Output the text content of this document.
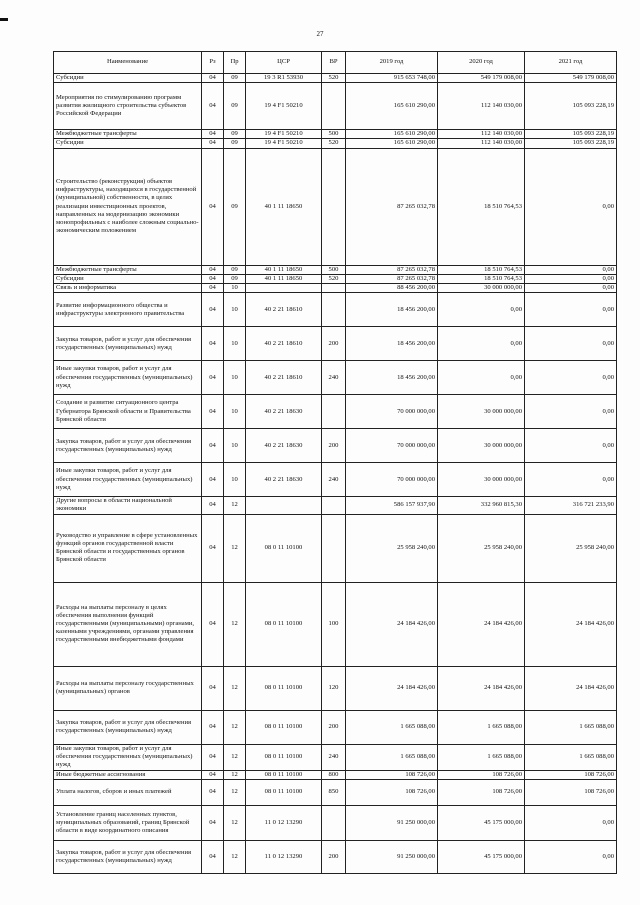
27
Наименование	Рз	Пр	ЦСР	ВР	2019 год	2020 год	2021 год
Субсидии	04	09	19 3 R1 53930	520	915 653 748,00	549 179 008,00	549 179 008,00
Мероприятия по стимулированию программ развития жилищного строительства субъектов Российской Федерации	04	09	19 4 F1 50210		165 610 290,00	112 140 030,00	105 093 228,19
Межбюджетные трансферты	04	09	19 4 F1 50210	500	165 610 290,00	112 140 030,00	105 093 228,19
Субсидии	04	09	19 4 F1 50210	520	165 610 290,00	112 140 030,00	105 093 228,19
Строительство (реконструкция) объектов инфраструктуры, находящихся в государственной (муниципальной) собственности, в целях реализации инвестиционных проектов, направленных на модернизацию экономики монопрофильных с наиболее сложным социально-экономическим положением	04	09	40 1 11 18650		87 265 032,78	18 510 764,53	0,00
Межбюджетные трансферты	04	09	40 1 11 18650	500	87 265 032,78	18 510 764,53	0,00
Субсидии	04	09	40 1 11 18650	520	87 265 032,78	18 510 764,53	0,00
Связь и информатика	04	10			88 456 200,00	30 000 000,00	0,00
Развитие информационного общества и инфраструктуры электронного правительства	04	10	40 2 21 18610		18 456 200,00	0,00	0,00
Закупка товаров, работ и услуг для обеспечения государственных (муниципальных) нужд	04	10	40 2 21 18610	200	18 456 200,00	0,00	0,00
Иные закупки товаров, работ и услуг для обеспечения государственных (муниципальных) нужд	04	10	40 2 21 18610	240	18 456 200,00	0,00	0,00
Создание и развитие ситуационного центра Губернатора Брянской области и Правительства Брянской области	04	10	40 2 21 18630		70 000 000,00	30 000 000,00	0,00
Закупка товаров, работ и услуг для обеспечения государственных (муниципальных) нужд	04	10	40 2 21 18630	200	70 000 000,00	30 000 000,00	0,00
Иные закупки товаров, работ и услуг для обеспечения государственных (муниципальных) нужд	04	10	40 2 21 18630	240	70 000 000,00	30 000 000,00	0,00
Другие вопросы в области национальной экономики	04	12			586 157 937,90	332 960 815,30	316 721 233,90
Руководство и управление в сфере установленных функций органов государственной власти Брянской области и государственных органов Брянской области	04	12	08 0 11 10100		25 958 240,00	25 958 240,00	25 958 240,00
Расходы на выплаты персоналу в целях обеспечения выполнения функций государственными (муниципальными) органами, казенными учреждениями, органами управления государственными внебюджетными фондами	04	12	08 0 11 10100	100	24 184 426,00	24 184 426,00	24 184 426,00
Расходы на выплаты персоналу государственных (муниципальных) органов	04	12	08 0 11 10100	120	24 184 426,00	24 184 426,00	24 184 426,00
Закупка товаров, работ и услуг для обеспечения государственных (муниципальных) нужд	04	12	08 0 11 10100	200	1 665 088,00	1 665 088,00	1 665 088,00
Иные закупки товаров, работ и услуг для обеспечения государственных (муниципальных) нужд	04	12	08 0 11 10100	240	1 665 088,00	1 665 088,00	1 665 088,00
Иные бюджетные ассигнования	04	12	08 0 11 10100	800	108 726,00	108 726,00	108 726,00
Уплата налогов, сборов и иных платежей	04	12	08 0 11 10100	850	108 726,00	108 726,00	108 726,00
Установление границ населенных пунктов, муниципальных образований, границ Брянской области в виде координатного описания	04	12	11 0 12 13290		91 250 000,00	45 175 000,00	0,00
Закупка товаров, работ и услуг для обеспечения государственных (муниципальных) нужд	04	12	11 0 12 13290	200	91 250 000,00	45 175 000,00	0,00
